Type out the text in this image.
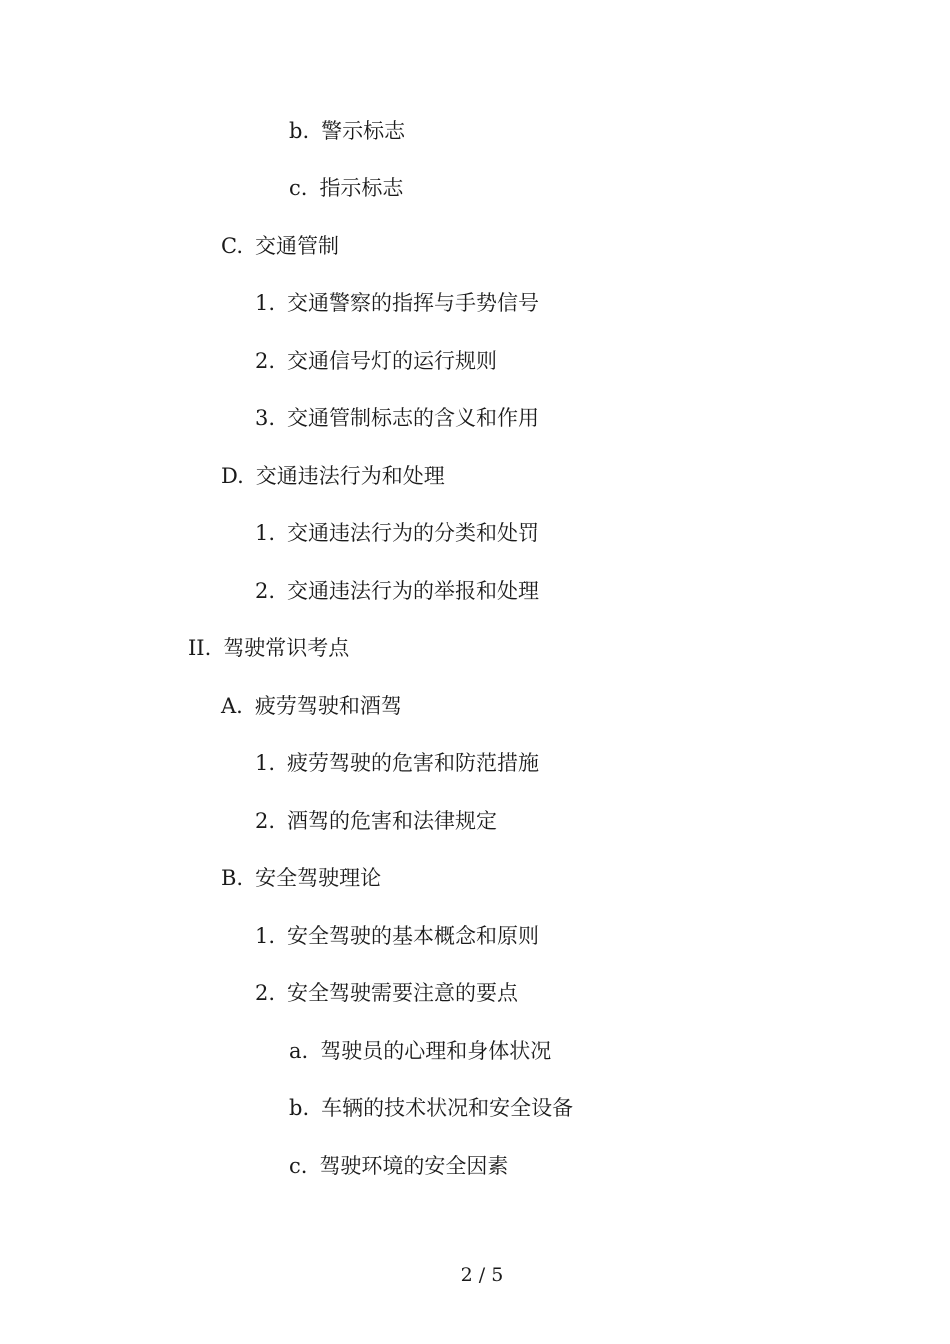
b. 警示标志
c. 指示标志
C. 交通管制
1. 交通警察的指挥与手势信号
2. 交通信号灯的运行规则
3. 交通管制标志的含义和作用
D. 交通违法行为和处理
1. 交通违法行为的分类和处罚
2. 交通违法行为的举报和处理
II. 驾驶常识考点
A. 疲劳驾驶和酒驾
1. 疲劳驾驶的危害和防范措施
2. 酒驾的危害和法律规定
B. 安全驾驶理论
1. 安全驾驶的基本概念和原则
2. 安全驾驶需要注意的要点
a. 驾驶员的心理和身体状况
b. 车辆的技术状况和安全设备
c. 驾驶环境的安全因素
2 / 5
